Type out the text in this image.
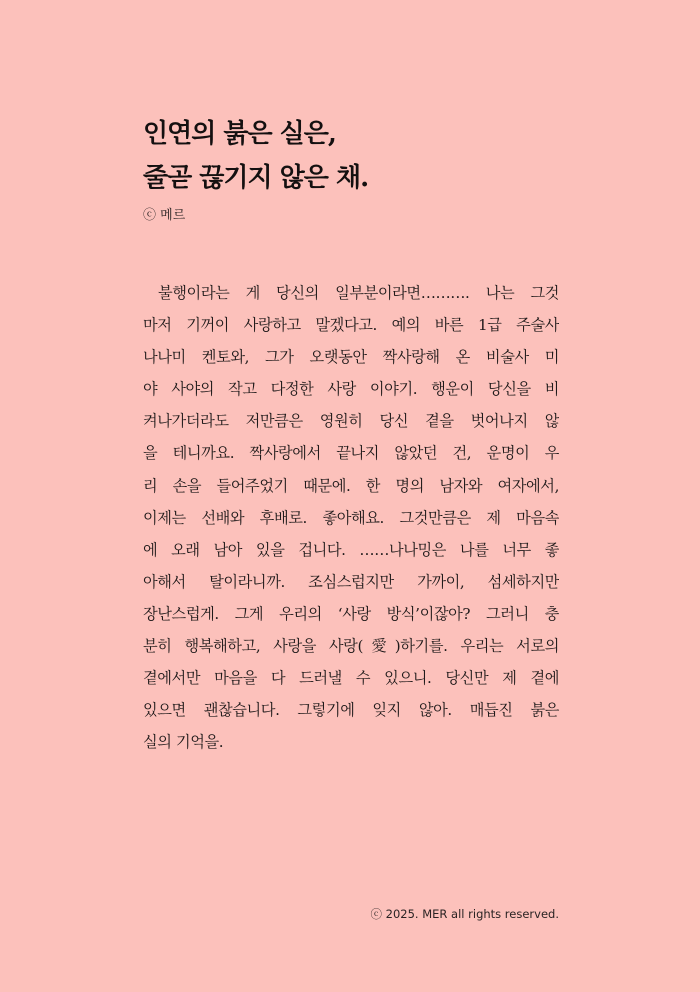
인연의 붉은 실은,
줄곧 끊기지 않은 채.
ⓒ 메르
불행이라는 게 당신의 일부분이라면………. 나는 그것
마저 기꺼이 사랑하고 말겠다고. 예의 바른 1급 주술사
나나미 켄토와, 그가 오랫동안 짝사랑해 온 비술사 미
야 사야의 작고 다정한 사랑 이야기. 행운이 당신을 비
켜나가더라도 저만큼은 영원히 당신 곁을 벗어나지 않
을 테니까요. 짝사랑에서 끝나지 않았던 건, 운명이 우
리 손을 들어주었기 때문에. 한 명의 남자와 여자에서,
이제는 선배와 후배로. 좋아해요. 그것만큼은 제 마음속
에 오래 남아 있을 겁니다. ……나나밍은 나를 너무 좋
아해서 탈이라니까. 조심스럽지만 가까이, 섬세하지만
장난스럽게. 그게 우리의 ‘사랑 방식’이잖아? 그러니 충
분히 행복해하고, 사랑을 사랑(愛)하기를. 우리는 서로의
곁에서만 마음을 다 드러낼 수 있으니. 당신만 제 곁에
있으면 괜찮습니다. 그렇기에 잊지 않아. 매듭진 붉은
실의 기억을.
ⓒ 2025. MER all rights reserved.
